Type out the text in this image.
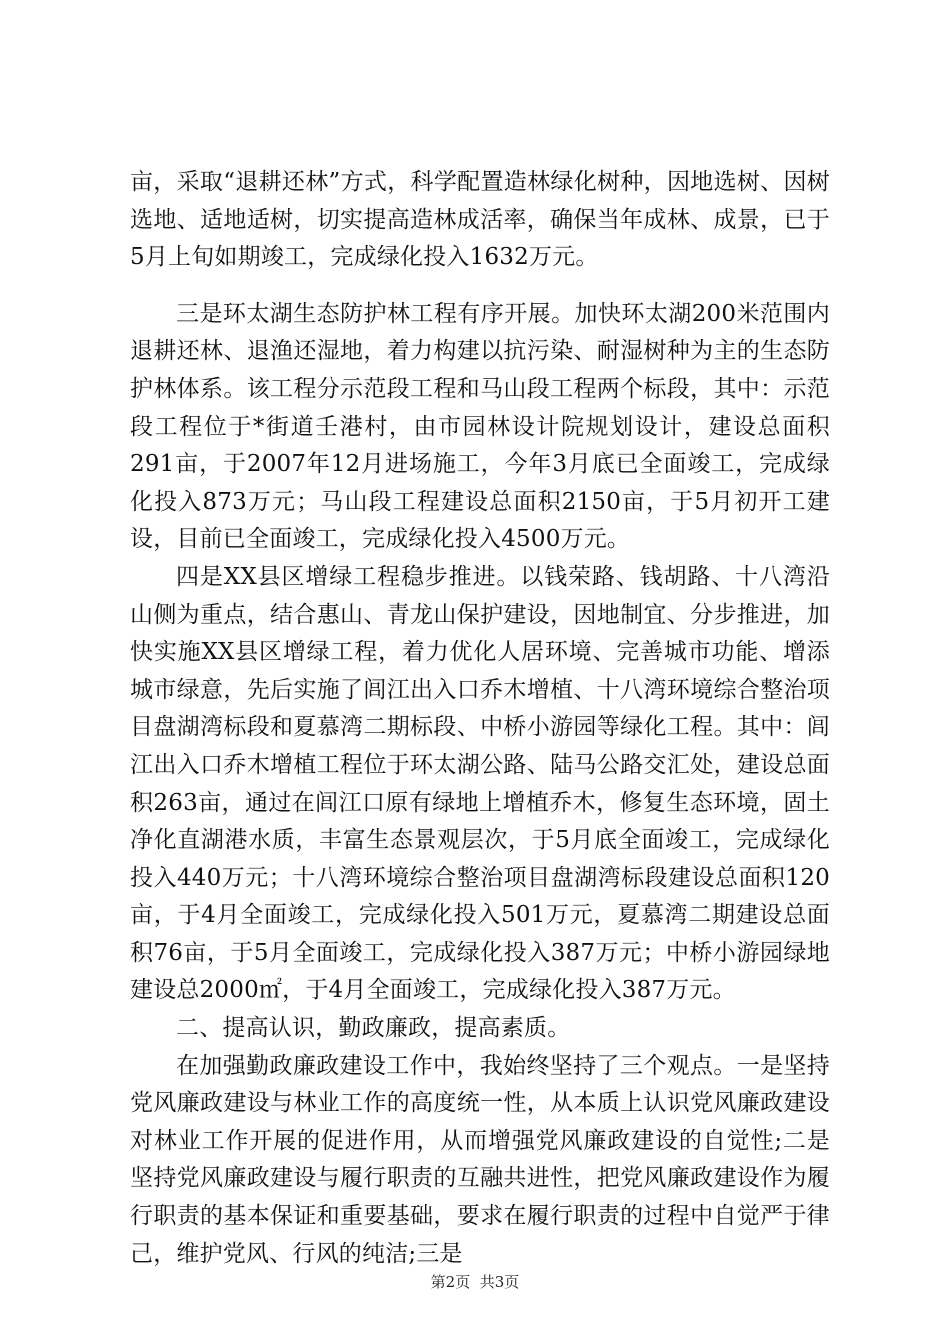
亩，采取“退耕还林”方式，科学配置造林绿化树种，因地选树、因树选地、适地适树，切实提高造林成活率，确保当年成林、成景，已于5月上旬如期竣工，完成绿化投入1632万元。

三是环太湖生态防护林工程有序开展。加快环太湖200米范围内退耕还林、退渔还湿地，着力构建以抗污染、耐湿树种为主的生态防护林体系。该工程分示范段工程和马山段工程两个标段，其中：示范段工程位于*街道壬港村，由市园林设计院规划设计，建设总面积291亩，于2007年12月进场施工，今年3月底已全面竣工，完成绿化投入873万元；马山段工程建设总面积2150亩，于5月初开工建设，目前已全面竣工，完成绿化投入4500万元。

四是XX县区增绿工程稳步推进。以钱荣路、钱胡路、十八湾沿山侧为重点，结合惠山、青龙山保护建设，因地制宜、分步推进，加快实施XX县区增绿工程，着力优化人居环境、完善城市功能、增添城市绿意，先后实施了闾江出入口乔木增植、十八湾环境综合整治项目盘湖湾标段和夏慕湾二期标段、中桥小游园等绿化工程。其中：闾江出入口乔木增植工程位于环太湖公路、陆马公路交汇处，建设总面积263亩，通过在闾江口原有绿地上增植乔木，修复生态环境，固土净化直湖港水质，丰富生态景观层次，于5月底全面竣工，完成绿化投入440万元；十八湾环境综合整治项目盘湖湾标段建设总面积120亩，于4月全面竣工，完成绿化投入501万元，夏慕湾二期建设总面积76亩，于5月全面竣工，完成绿化投入387万元；中桥小游园绿地建设总2000㎡，于4月全面竣工，完成绿化投入387万元。

二、提高认识，勤政廉政，提高素质。

在加强勤政廉政建设工作中，我始终坚持了三个观点。一是坚持党风廉政建设与林业工作的高度统一性，从本质上认识党风廉政建设对林业工作开展的促进作用，从而增强党风廉政建设的自觉性;二是坚持党风廉政建设与履行职责的互融共进性，把党风廉政建设作为履行职责的基本保证和重要基础，要求在履行职责的过程中自觉严于律己，维护党风、行风的纯洁;三是

第2页 共3页
